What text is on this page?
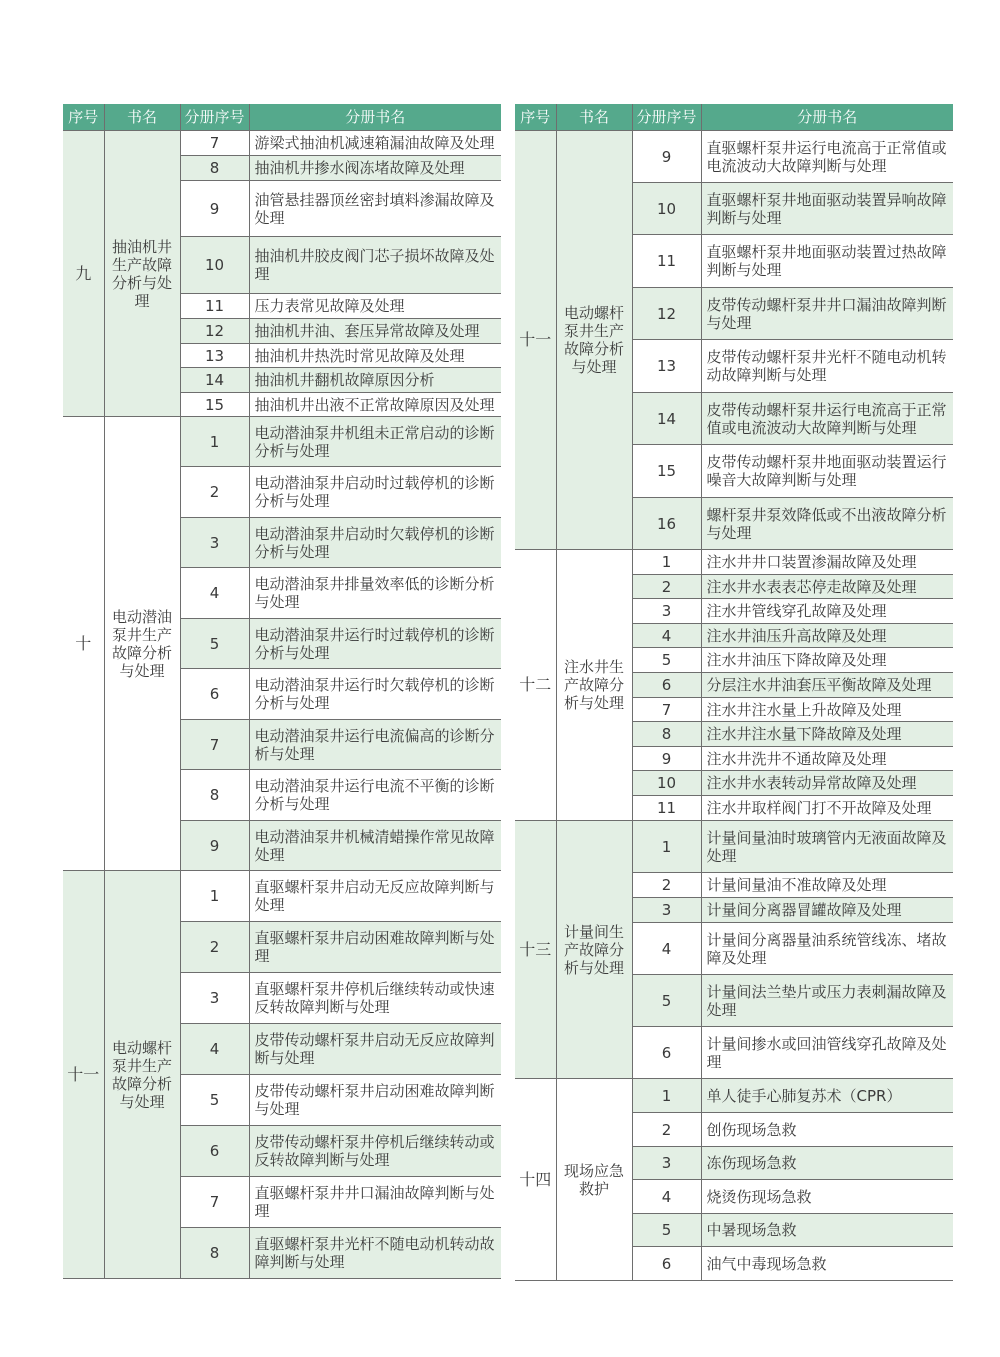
序号	书名	分册序号	分册书名
九	抽油机井生产故障分析与处理	7	游梁式抽油机减速箱漏油故障及处理
		8	抽油机井掺水阀冻堵故障及处理
		9	油管悬挂器顶丝密封填料渗漏故障及处理
		10	抽油机井胶皮阀门芯子损坏故障及处理
		11	压力表常见故障及处理
		12	抽油机井油、套压异常故障及处理
		13	抽油机井热洗时常见故障及处理
		14	抽油机井翻机故障原因分析
		15	抽油机井出液不正常故障原因及处理
十	电动潜油泵井生产故障分析与处理	1	电动潜油泵井机组未正常启动的诊断分析与处理
		2	电动潜油泵井启动时过载停机的诊断分析与处理
		3	电动潜油泵井启动时欠载停机的诊断分析与处理
		4	电动潜油泵井排量效率低的诊断分析与处理
		5	电动潜油泵井运行时过载停机的诊断分析与处理
		6	电动潜油泵井运行时欠载停机的诊断分析与处理
		7	电动潜油泵井运行电流偏高的诊断分析与处理
		8	电动潜油泵井运行电流不平衡的诊断分析与处理
		9	电动潜油泵井机械清蜡操作常见故障处理
十一	电动螺杆泵井生产故障分析与处理	1	直驱螺杆泵井启动无反应故障判断与处理
		2	直驱螺杆泵井启动困难故障判断与处理
		3	直驱螺杆泵井停机后继续转动或快速反转故障判断与处理
		4	皮带传动螺杆泵井启动无反应故障判断与处理
		5	皮带传动螺杆泵井启动困难故障判断与处理
		6	皮带传动螺杆泵井停机后继续转动或反转故障判断与处理
		7	直驱螺杆泵井井口漏油故障判断与处理
		8	直驱螺杆泵井光杆不随电动机转动故障判断与处理
序号	书名	分册序号	分册书名
十一	电动螺杆泵井生产故障分析与处理	9	直驱螺杆泵井运行电流高于正常值或电流波动大故障判断与处理
		10	直驱螺杆泵井地面驱动装置异响故障判断与处理
		11	直驱螺杆泵井地面驱动装置过热故障判断与处理
		12	皮带传动螺杆泵井井口漏油故障判断与处理
		13	皮带传动螺杆泵井光杆不随电动机转动故障判断与处理
		14	皮带传动螺杆泵井运行电流高于正常值或电流波动大故障判断与处理
		15	皮带传动螺杆泵井地面驱动装置运行噪音大故障判断与处理
		16	螺杆泵井泵效降低或不出液故障分析与处理
十二	注水井生产故障分析与处理	1	注水井井口装置渗漏故障及处理
		2	注水井水表表芯停走故障及处理
		3	注水井管线穿孔故障及处理
		4	注水井油压升高故障及处理
		5	注水井油压下降故障及处理
		6	分层注水井油套压平衡故障及处理
		7	注水井注水量上升故障及处理
		8	注水井注水量下降故障及处理
		9	注水井洗井不通故障及处理
		10	注水井水表转动异常故障及处理
		11	注水井取样阀门打不开故障及处理
十三	计量间生产故障分析与处理	1	计量间量油时玻璃管内无液面故障及处理
		2	计量间量油不准故障及处理
		3	计量间分离器冒罐故障及处理
		4	计量间分离器量油系统管线冻、堵故障及处理
		5	计量间法兰垫片或压力表刺漏故障及处理
		6	计量间掺水或回油管线穿孔故障及处理
十四	现场应急救护	1	单人徒手心肺复苏术（CPR）
		2	创伤现场急救
		3	冻伤现场急救
		4	烧烫伤现场急救
		5	中暑现场急救
		6	油气中毒现场急救
